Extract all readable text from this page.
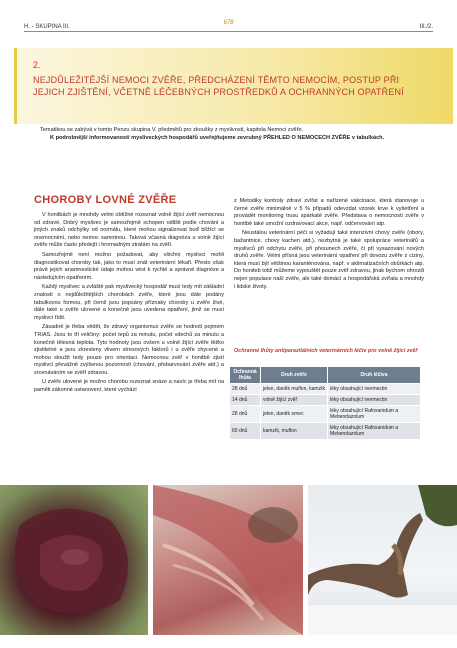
H. - SKUPINA III.
678
III./2.
2.
NEJDŮLEŽITĚJŠÍ NEMOCI ZVĚŘE, PŘEDCHÁZENÍ TĚMTO NEMOCÍM, POSTUP PŘI JEJICH ZJIŠTĚNÍ, VČETNĚ LÉČEBNÝCH PROSTŘEDKŮ A OCHRANNÝCH OPATŘENÍ

Tematikou se zabývá v tomto Penzu skupina V. předmětů pro zkoušky z myslivosti, kapitola Nemoci zvěře.

K podrobnější informovanosti mysliveckých hospodářů uveřejňujeme zevrubný PŘEHLED O NEMOCECH ZVĚŘE v tabulkách.

CHOROBY LOVNÉ ZVĚŘE

V honitbách je mnohdy velmi obtížné rozeznat volně žijící zvěř nemocnou od zdravé. Dobrý myslivec je samozřejmě schopen odlišit podle chování a jiných znaků odchylky od normálu, které mohou signalizovat buď blížící se onemocnění, nebo nemoc samotnou. Taková včasná diagnóza u volně žijící zvěře může často předejít i hromadným ztrátám na zvěři.

Samozřejmě není možno požadovat, aby všichni myslivci mohli diagnostikovat choroby tak, jako to musí znát veterinární lékaři. Přesto však právě jejich anamnestické údaje mohou vést k rychlé a správné diagnóze a následujícím opatřením.

Každý myslivec a zvláště pak myslivecký hospodář musí tedy mít základní znalosti o nejdůležitějších chorobách zvěře, které jsou dále podány tabulkovou formou, při čemž jsou popsány příznaky choroby u zvěře živé, dále také u zvěře ulovené a konečně jsou uvedena opatření, jimž se musí myslivci řídit.

Zásadně je třeba vědět, že zdravý organismus zvěře se hodnotí pojmem TRIAS. Jsou to tři veličiny: počet tepů za minutu, počet vdechů za minutu a konečně tělesná teplota. Tyto hodnoty jsou ovšem u volně žijící zvěře těžko zjistitelné a jsou zkresleny vlivem stresových faktorů i u zvěře chycené a mohou sloužit tedy pouze pro orientaci. Nemocnou zvěř v honitbě zjistí myslivci převážně zvýšenou pozorností (chování, přebarvování zvěře atd.) a srovnáváním se zvěří zdravou.

U zvěře ulovené je možno chorobu rozeznat snáze a navíc je třeba mít na paměti zákonné ustanovení, které vychází

z Metodiky kontroly zdraví zvířat a nařízené vakcinace, která stanovuje u černé zvěře minimálně v 5 % případů odevzdat vzorek krve k vyšetření a provádět monitoring trusu spárkaté zvěře. Představa o nemocnosti zvěře v honitbě také umožní ozdravovací akce, např. odčervování atp.

Neustálou veterinární péči si vyžadují také intenzivní chovy zvěře (obory, bažantnice, chovy kachen atd.), nezbytná je také spolupráce veterinářů a myslivců při odchytu zvěře, při přesunech zvěře, či při vysazování nových druhů zvěře. Velmi přísná jsou veterinární opatření při dovozu zvěře z ciziny, která musí být většinou karanténována, např. v aklimatizačních obůrkách atp. Do honiteb totiž můžeme vypouštět pouze zvěř zdravou, jinak bychom ohrozili nejen populace naší zvěře, ale také domácí a hospodářská zvířata a mnohdy i lidské životy.

Ochranné lhůty antiparazitálních veterinárních léčiv pro volně žijící zvěř
Ochranná lhůta	Druh zvěře	Druh léčiva
28 dnů	jelen, daněk muflon, kamzík	léky obsahující ivermectin
14 dnů	volně žijící zvěř	léky obsahující ivermectin
28 dnů	jelen, daněk srnec	léky obsahující Rafoxanidum a Mebendazolum
60 dnů	kamzík, muflon	léky obsahující Rafoxanidum a Mebendazolum
